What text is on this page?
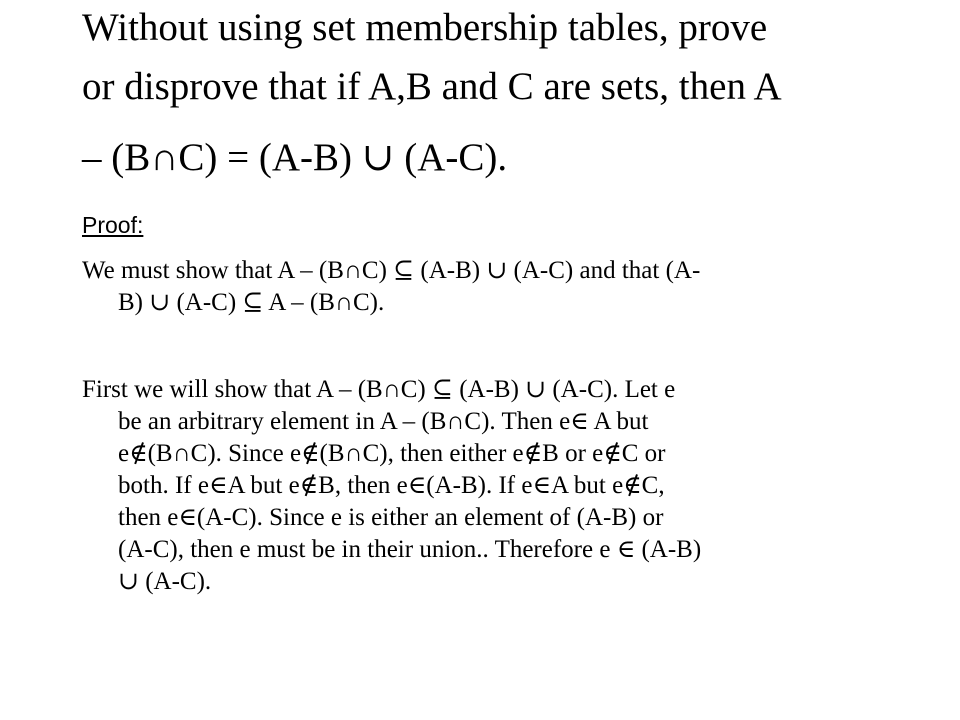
Without using set membership tables, prove
or disprove that if A,B and C are sets, then A
– (B∩C) = (A-B) ∪ (A-C).
Proof:
We must show that A – (B∩C) ⊆ (A-B) ∪ (A-C) and that (A-
B) ∪ (A-C) ⊆ A – (B∩C).
First we will show that A – (B∩C) ⊆ (A-B) ∪ (A-C). Let e
be an arbitrary element in A – (B∩C). Then e∈ A but
e∉(B∩C). Since e∉(B∩C), then either e∉B or e∉C or
both. If e∈A but e∉B, then e∈(A-B). If e∈A but e∉C,
then e∈(A-C). Since e is either an element of (A-B) or
(A-C), then e must be in their union.. Therefore e ∈ (A-B)
∪ (A-C).
